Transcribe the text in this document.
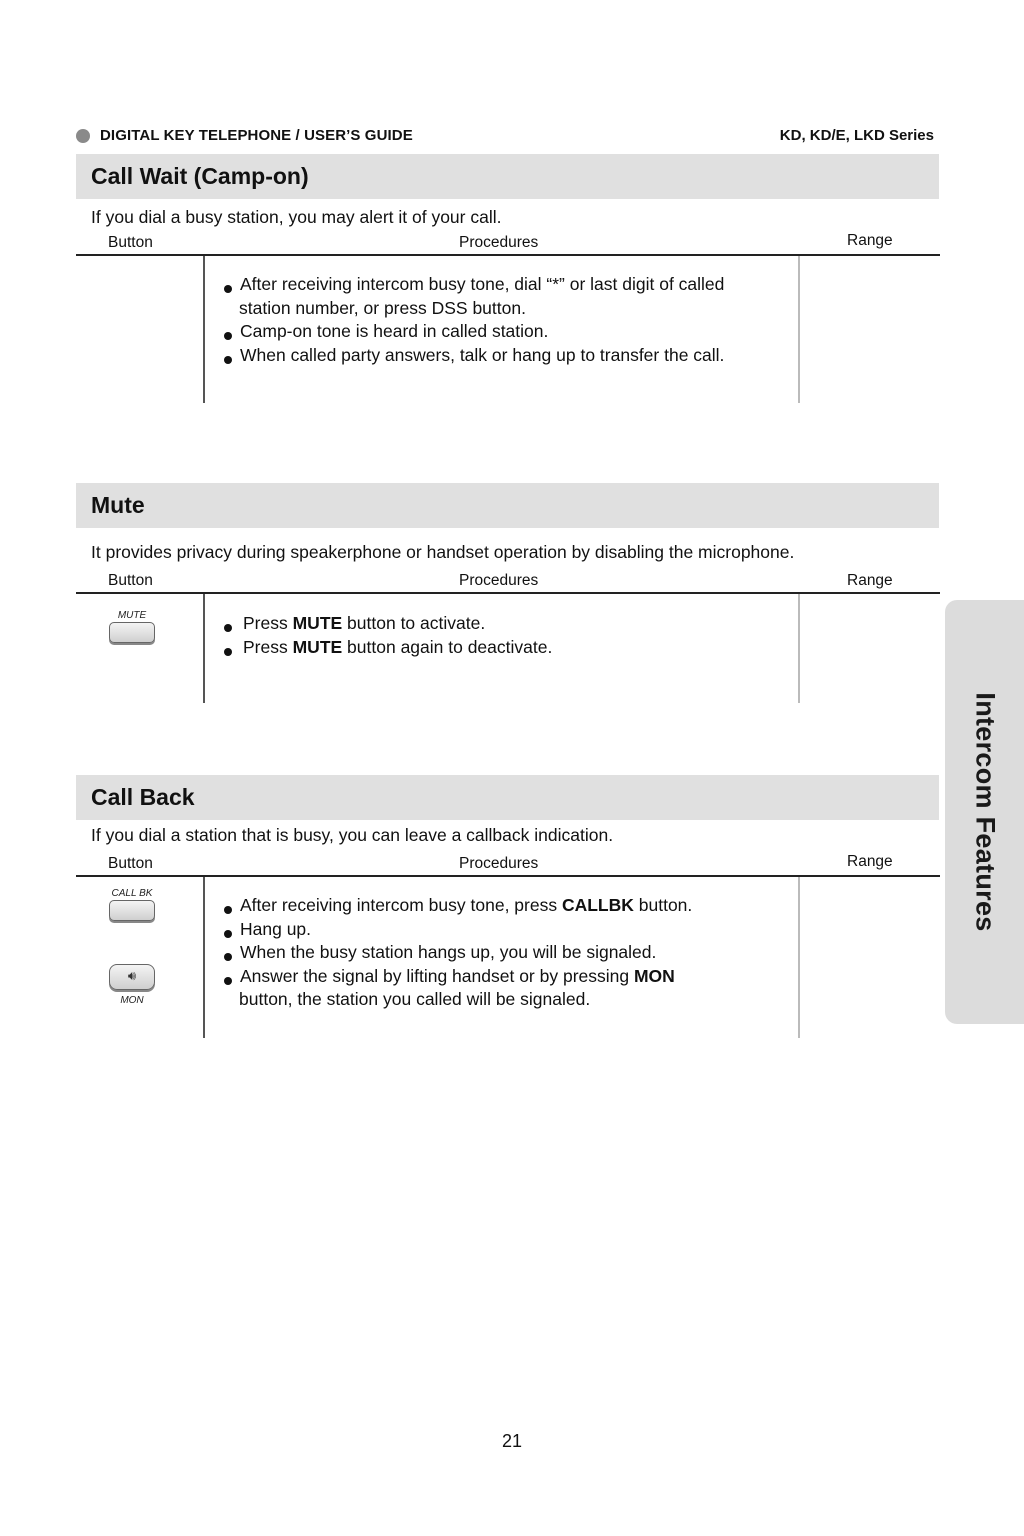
DIGITAL KEY TELEPHONE / USER’S GUIDE	KD, KD/E, LKD Series
Call Wait (Camp-on)
If you dial a busy station, you may alert it of your call.
Button	Procedures	Range
After receiving intercom busy tone, dial “*” or last digit of called
station number, or press DSS button.
Camp-on tone is heard in called station.
When called party answers, talk or hang up to transfer the call.
Mute
It provides privacy during speakerphone or handset operation by disabling the microphone.
Button	Procedures	Range
MUTE	Press MUTE button to activate.
Press MUTE button again to deactivate.
Call Back
If you dial a station that is busy, you can leave a callback indication.
Button	Procedures	Range
CALL BK
🔊︎
MON
After receiving intercom busy tone, press CALLBK button.
Hang up.
When the busy station hangs up, you will be signaled.
Answer the signal by lifting handset or by pressing MON
button, the station you called will be signaled.
Intercom Features
21
